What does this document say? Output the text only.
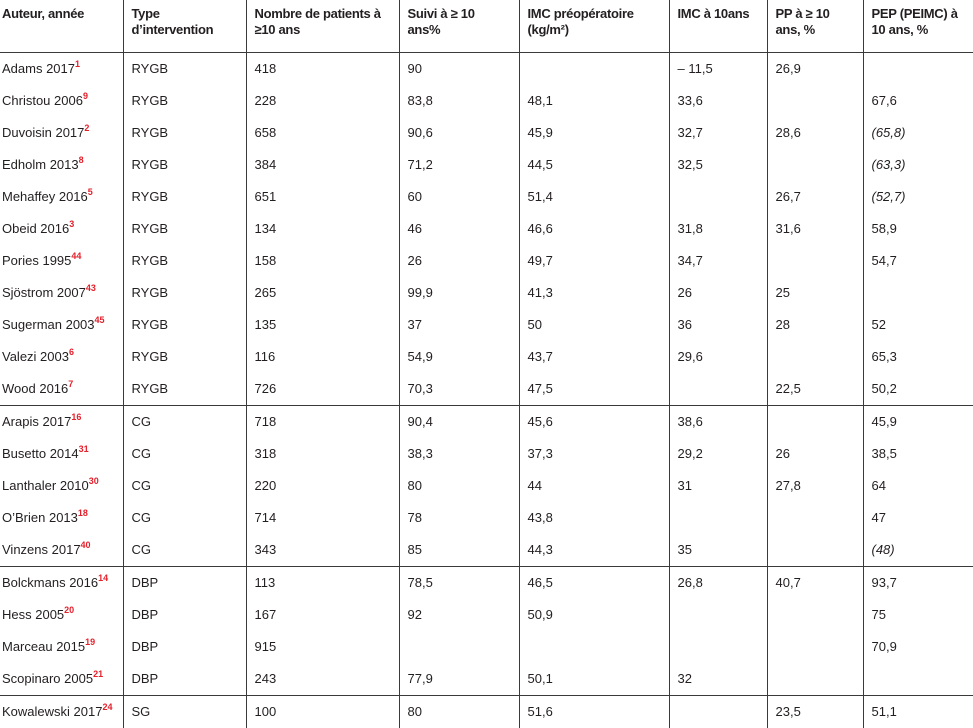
Auteur, année	Type d’intervention	Nombre de patients à ≥10 ans	Suivi à ≥ 10 ans%	IMC préopératoire (kg/m²)	IMC à 10ans	PP à ≥ 10 ans, %	PEP (PEIMC) à 10 ans, %
Adams 2017$^1$	RYGB	418	90		– 11,5	26,9	
Christou 2006$^9$	RYGB	228	83,8	48,1	33,6		67,6
Duvoisin 2017$^2$	RYGB	658	90,6	45,9	32,7	28,6	(65,8)
Edholm 2013$^8$	RYGB	384	71,2	44,5	32,5		(63,3)
Mehaffey 2016$^5$	RYGB	651	60	51,4		26,7	(52,7)
Obeid 2016$^3$	RYGB	134	46	46,6	31,8	31,6	58,9
Pories 1995$^{44}$	RYGB	158	26	49,7	34,7		54,7
Sjöstrom 2007$^{43}$	RYGB	265	99,9	41,3	26	25	
Sugerman 2003$^{45}$	RYGB	135	37	50	36	28	52
Valezi 2003$^6$	RYGB	116	54,9	43,7	29,6		65,3
Wood 2016$^7$	RYGB	726	70,3	47,5		22,5	50,2
Arapis 2017$^{16}$	CG	718	90,4	45,6	38,6		45,9
Busetto 2014$^{31}$	CG	318	38,3	37,3	29,2	26	38,5
Lanthaler 2010$^{30}$	CG	220	80	44	31	27,8	64
O’Brien 2013$^{18}$	CG	714	78	43,8			47
Vinzens 2017$^{40}$	CG	343	85	44,3	35		(48)
Bolckmans 2016$^{14}$	DBP	113	78,5	46,5	26,8	40,7	93,7
Hess 2005$^{20}$	DBP	167	92	50,9			75
Marceau 2015$^{19}$	DBP	915					70,9
Scopinaro 2005$^{21}$	DBP	243	77,9	50,1	32		
Kowalewski 2017$^{24}$	SG	100	80	51,6		23,5	51,1
